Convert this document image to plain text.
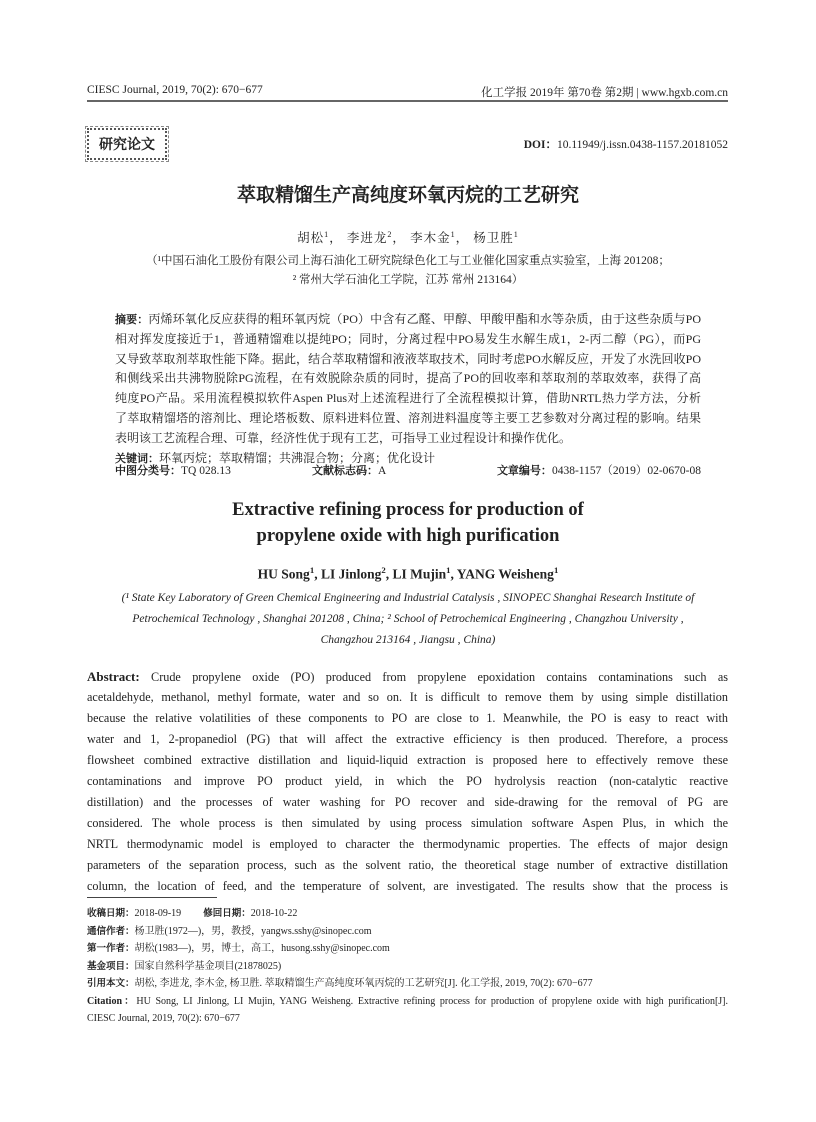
CIESC Journal, 2019, 70(2): 670−677	化工学报 2019年 第70卷 第2期 | www.hgxb.com.cn
研究论文	DOI：10.11949/j.issn.0438-1157.20181052
萃取精馏生产高纯度环氧丙烷的工艺研究
胡松$^1$， 李进龙$^2$， 李木金$^1$， 杨卫胜$^1$
（¹中国石油化工股份有限公司上海石油化工研究院绿色化工与工业催化国家重点实验室，上海 201208；
² 常州大学石油化工学院，江苏 常州 213164）
摘要：丙烯环氧化反应获得的粗环氧丙烷（PO）中含有乙醛、甲醇、甲酸甲酯和水等杂质，由于这些杂质与PO
相对挥发度接近于1，普通精馏难以提纯PO；同时，分离过程中PO易发生水解生成1，2-丙二醇（PG），而PG
又导致萃取剂萃取性能下降。据此，结合萃取精馏和液液萃取技术，同时考虑PO水解反应，开发了水洗回收PO
和侧线采出共沸物脱除PG流程，在有效脱除杂质的同时，提高了PO的回收率和萃取剂的萃取效率，获得了高
纯度PO产品。采用流程模拟软件Aspen Plus对上述流程进行了全流程模拟计算，借助NRTL热力学方法，分析
了萃取精馏塔的溶剂比、理论塔板数、原料进料位置、溶剂进料温度等主要工艺参数对分离过程的影响。结果
表明该工艺流程合理、可靠，经济性优于现有工艺，可指导工业过程设计和操作优化。
关键词：环氧丙烷；萃取精馏；共沸混合物；分离；优化设计
中图分类号：TQ 028.13	文献标志码：A	文章编号：0438-1157（2019）02-0670-08
Extractive refining process for production of
propylene oxide with high purification
HU Song$^1$, LI Jinlong$^2$, LI Mujin$^1$, YANG Weisheng$^1$
(¹ State Key Laboratory of Green Chemical Engineering and Industrial Catalysis , SINOPEC Shanghai Research Institute of
Petrochemical Technology , Shanghai 201208 , China; ² School of Petrochemical Engineering , Changzhou University ,
Changzhou 213164 , Jiangsu , China)
Abstract: Crude propylene oxide (PO) produced from propylene epoxidation contains contaminations such as
acetaldehyde, methanol, methyl formate, water and so on. It is difficult to remove them by using simple distillation
because the relative volatilities of these components to PO are close to 1. Meanwhile, the PO is easy to react with
water and 1, 2-propanediol (PG) that will affect the extractive efficiency is then produced. Therefore, a process
flowsheet combined extractive distillation and liquid-liquid extraction is proposed here to effectively remove these
contaminations and improve PO product yield, in which the PO hydrolysis reaction (non-catalytic reactive
distillation) and the processes of water washing for PO recover and side-drawing for the removal of PG are
considered. The whole process is then simulated by using process simulation software Aspen Plus, in which the
NRTL thermodynamic model is employed to character the thermodynamic properties. The effects of major design
parameters of the separation process, such as the solvent ratio, the theoretical stage number of extractive distillation
column, the location of feed, and the temperature of solvent, are investigated. The results show that the process is
收稿日期：2018-09-19 修回日期：2018-10-22
通信作者：杨卫胜(1972—)，男，教授，yangws.sshy@sinopec.com
第一作者：胡松(1983—)，男，博士，高工，husong.sshy@sinopec.com
基金项目：国家自然科学基金项目(21878025)
引用本文：胡松, 李进龙, 李木金, 杨卫胜. 萃取精馏生产高纯度环氧丙烷的工艺研究[J]. 化工学报, 2019, 70(2): 670−677
Citation：HU Song, LI Jinlong, LI Mujin, YANG Weisheng. Extractive refining process for production of propylene oxide with high purification[J].
CIESC Journal, 2019, 70(2): 670−677
